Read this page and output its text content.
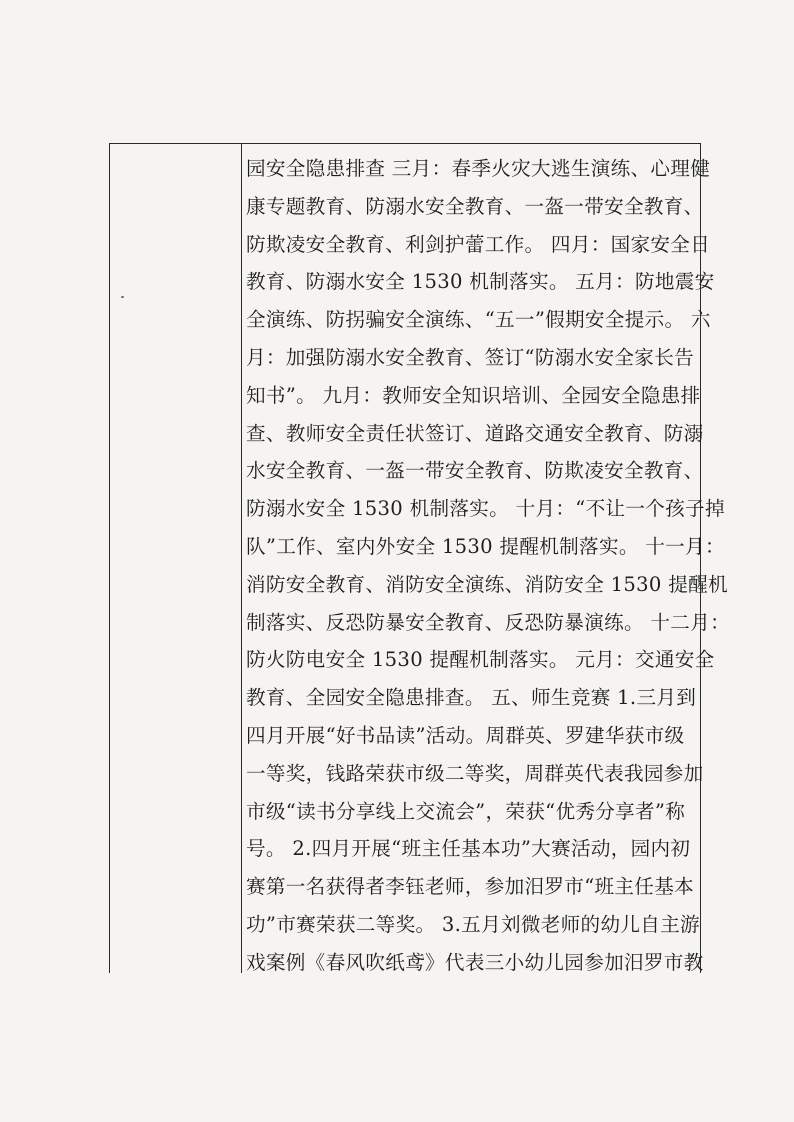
园安全隐患排查 三月：春季火灾大逃生演练、心理健
康专题教育、防溺水安全教育、一盔一带安全教育、
防欺凌安全教育、利剑护蕾工作。 四月：国家安全日
教育、防溺水安全 1530 机制落实。 五月：防地震安
全演练、防拐骗安全演练、“五一”假期安全提示。 六
月：加强防溺水安全教育、签订“防溺水安全家长告
知书”。 九月：教师安全知识培训、全园安全隐患排
查、教师安全责任状签订、道路交通安全教育、防溺
水安全教育、一盔一带安全教育、防欺凌安全教育、
防溺水安全 1530 机制落实。 十月：“不让一个孩子掉
队”工作、室内外安全 1530 提醒机制落实。 十一月：
消防安全教育、消防安全演练、消防安全 1530 提醒机
制落实、反恐防暴安全教育、反恐防暴演练。 十二月：
防火防电安全 1530 提醒机制落实。 元月：交通安全
教育、全园安全隐患排查。 五、师生竞赛 1.三月到
四月开展“好书品读”活动。周群英、罗建华获市级
一等奖，钱路荣获市级二等奖，周群英代表我园参加
市级“读书分享线上交流会”，荣获“优秀分享者”称
号。 2.四月开展“班主任基本功”大赛活动，园内初
赛第一名获得者李钰老师，参加汨罗市“班主任基本
功”市赛荣获二等奖。 3.五月刘微老师的幼儿自主游
戏案例《春风吹纸鸢》代表三小幼儿园参加汨罗市教
